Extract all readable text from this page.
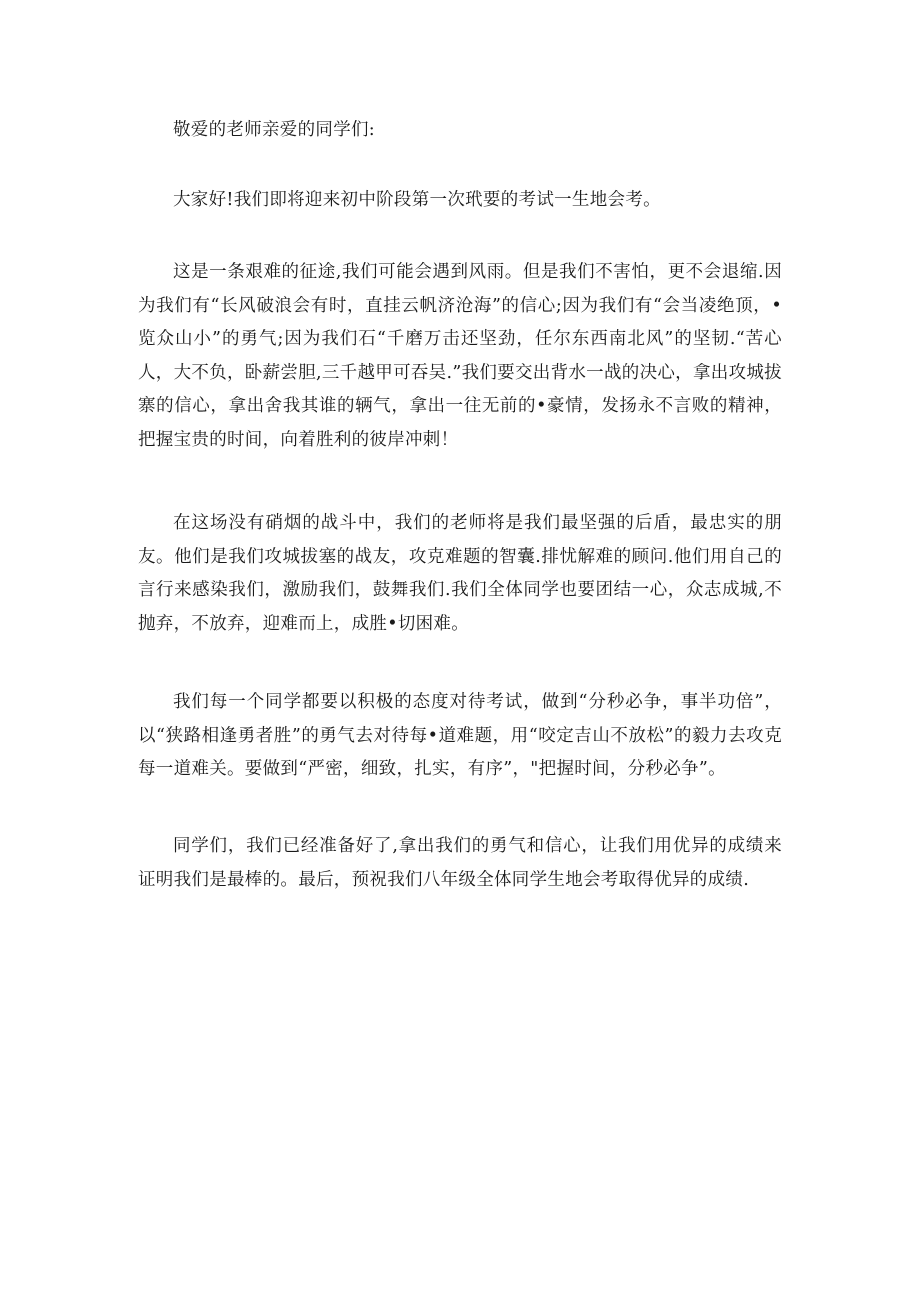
敬爱的老师亲爱的同学们:

大家好!我们即将迎来初中阶段第一次玳要的考试一生地会考。

这是一条艰难的征途,我们可能会遇到风雨。但是我们不害怕，更不会退缩.因为我们有“长风破浪会有时，直挂云帆济沧海”的信心;因为我们有“会当凌绝顶，•览众山小”的勇气;因为我们石“千磨万击还坚劲，任尔东西南北风”的坚韧.“苦心人，大不负，卧薪尝胆,三千越甲可吞吴.”我们要交出背水一战的决心，拿出攻城拔寨的信心，拿出舍我其谁的辆气，拿出一往无前的•豪情，发扬永不言败的精神，把握宝贵的时间，向着胜利的彼岸冲刺！

在这场没有硝烟的战斗中，我们的老师将是我们最坚强的后盾，最忠实的朋友。他们是我们攻城拔塞的战友，攻克难题的智囊.排忧解难的顾问.他们用自己的言行来感染我们，激励我们，鼓舞我们.我们全体同学也要团结一心，众志成城,不抛弃，不放弃，迎难而上，成胜•切困难。

我们每一个同学都要以积极的态度对待考试，做到“分秒必争，事半功倍”，以“狭路相逢勇者胜”的勇气去对待每•道难题，用“咬定吉山不放松”的毅力去攻克每一道难关。要做到“严密，细致，扎实，有序”，"把握时间，分秒必争”。

同学们，我们已经准备好了,拿出我们的勇气和信心，让我们用优异的成绩来证明我们是最棒的。最后，预祝我们八年级全体同学生地会考取得优异的成绩.
